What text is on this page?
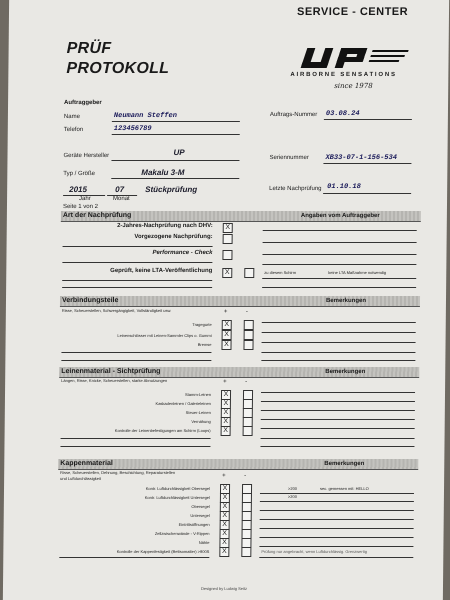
SERVICE - CENTER
PRÜF
PROTOKOLL	AIRBORNE SENSATIONS
since 1978
Auftraggeber
Name	Neumann Steffen
Telefon	123456789
Auftrags-Nummer 03.08.24
Geräte Hersteller	UP
Seriennummer XB33-07-1-156-534
Typ / Größe	Makalu 3-M
2015	07	Stückprüfung
Jahr	Monat
Letzte Nachprüfung 01.10.18
Seite 1 von 2
Art der Nachprüfung	Angaben vom Auftraggeber
2-Jahres-Nachprüfung nach DHV:	X
Vorgezogene Nachprüfung:
Performance - Check
Geprüft, keine LTA-Veröffentlichung	X	zu diesem Schirm	keine LTA Maßnahme notwendig
Verbindungsteile	Bemerkungen
Risse, Scheuerstellen, Schwergängigkeit, Vollständigkeit usw.	+	-
Tragegurte	X
Leinenschlösser mit Leinen-Sammler Clips o. Gummi	X
Bremse	X
Leinenmaterial - Sichtprüfung	Bemerkungen
Längen, Risse, Knicke, Scheuerstellen, starke Abnutzungen	+	-
Stamm-Leinen	X
Kaskadenleinen / Galerieleinen	X
Steuer-Leinen	X
Vernähung	X
Kontrolle der Leinenbefestigungen am Schirm (Loops)	X
Kappenmaterial	Bemerkungen
Risse, Scheuerstellen, Dehnung, Beschichtung, Reparaturstellen
und Luftdurchlässigkeit	+	-
Kontr. Luftdurchlässigkeit Obersegel	X	>200	sec. gemessen mit: HELLO
Kontr. Luftdurchlässigkeit Untersegel	X	>200
Obersegel	X
Untersegel	X
Eintrittsöffnungen	X
Zellzwischenwände - V-Rippen	X
Nähte	X
Kontrolle der Kappenfestigkeit (Bettsomatter) >900S	X	Prüfung nur angebracht, wenn Luftdurchlässig. Grenzwertig
Designed by Ludwig Seitz
